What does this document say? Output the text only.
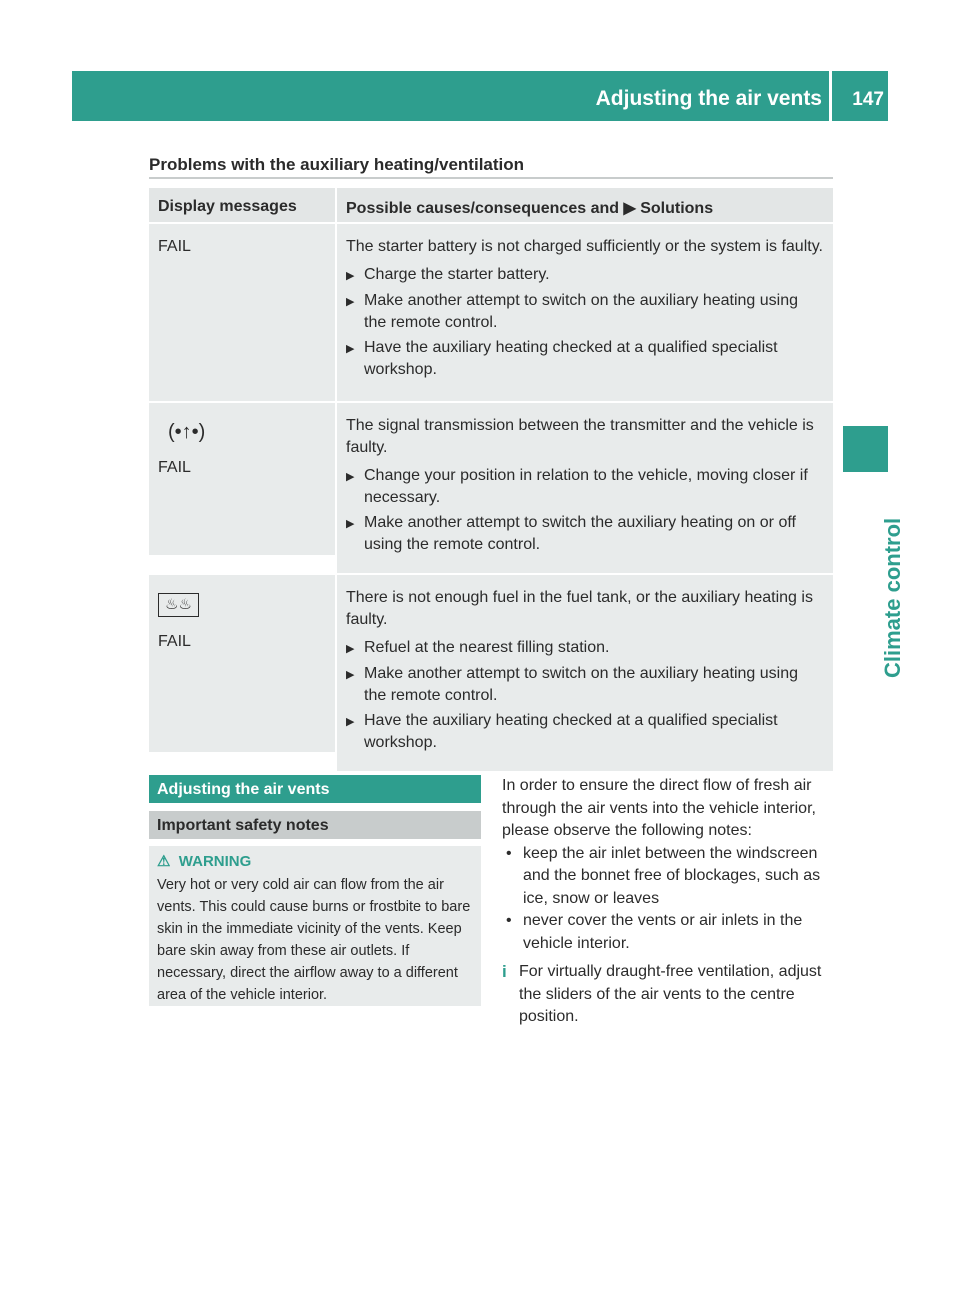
Adjusting the air vents 147
Climate control
Problems with the auxiliary heating/ventilation
Display messages	Possible causes/consequences and ▶ Solutions
FAIL	The starter battery is not charged sufficiently or the system is faulty.

▶ Charge the starter battery.
▶ Make another attempt to switch on the auxiliary heating using the remote control.
▶ Have the auxiliary heating checked at a qualified specialist workshop.
(•↑•)
FAIL

The signal transmission between the transmitter and the vehicle is faulty.

▶ Change your position in relation to the vehicle, moving closer if necessary.
▶ Make another attempt to switch the auxiliary heating on or off using the remote control.
♨♨
FAIL

There is not enough fuel in the fuel tank, or the auxiliary heating is faulty.

▶ Refuel at the nearest filling station.
▶ Make another attempt to switch on the auxiliary heating using the remote control.
▶ Have the auxiliary heating checked at a qualified specialist workshop.
Adjusting the air vents
Important safety notes
⚠ WARNING
Very hot or very cold air can flow from the air vents. This could cause burns or frostbite to bare skin in the immediate vicinity of the vents. Keep bare skin away from these air outlets. If necessary, direct the airflow away to a different area of the vehicle interior.

In order to ensure the direct flow of fresh air through the air vents into the vehicle interior, please observe the following notes:

• keep the air inlet between the windscreen and the bonnet free of blockages, such as ice, snow or leaves
• never cover the vents or air inlets in the vehicle interior.
i For virtually draught-free ventilation, adjust the sliders of the air vents to the centre position.
